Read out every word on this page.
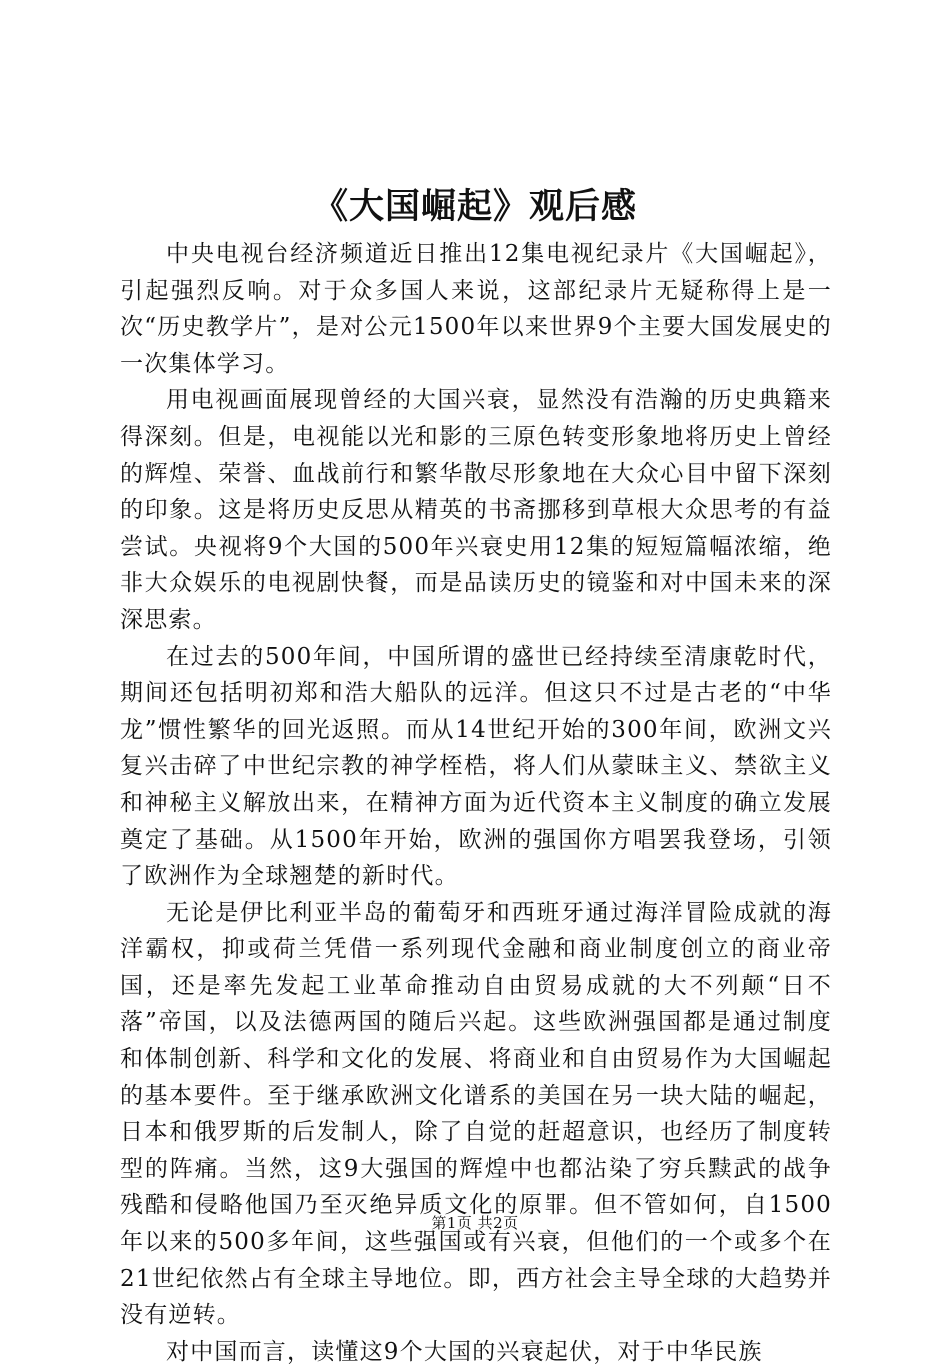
《大国崛起》观后感

中央电视台经济频道近日推出12集电视纪录片《大国崛起》，引起强烈反响。对于众多国人来说，这部纪录片无疑称得上是一次“历史教学片”，是对公元1500年以来世界9个主要大国发展史的一次集体学习。

用电视画面展现曾经的大国兴衰，显然没有浩瀚的历史典籍来得深刻。但是，电视能以光和影的三原色转变形象地将历史上曾经的辉煌、荣誉、血战前行和繁华散尽形象地在大众心目中留下深刻的印象。这是将历史反思从精英的书斋挪移到草根大众思考的有益尝试。央视将9个大国的500年兴衰史用12集的短短篇幅浓缩，绝非大众娱乐的电视剧快餐，而是品读历史的镜鉴和对中国未来的深深思索。

在过去的500年间，中国所谓的盛世已经持续至清康乾时代，期间还包括明初郑和浩大船队的远洋。但这只不过是古老的“中华龙”惯性繁华的回光返照。而从14世纪开始的300年间，欧洲文兴复兴击碎了中世纪宗教的神学桎梏，将人们从蒙昧主义、禁欲主义和神秘主义解放出来，在精神方面为近代资本主义制度的确立发展奠定了基础。从1500年开始，欧洲的强国你方唱罢我登场，引领了欧洲作为全球翘楚的新时代。

无论是伊比利亚半岛的葡萄牙和西班牙通过海洋冒险成就的海洋霸权，抑或荷兰凭借一系列现代金融和商业制度创立的商业帝国，还是率先发起工业革命推动自由贸易成就的大不列颠“日不落”帝国，以及法德两国的随后兴起。这些欧洲强国都是通过制度和体制创新、科学和文化的发展、将商业和自由贸易作为大国崛起的基本要件。至于继承欧洲文化谱系的美国在另一块大陆的崛起，日本和俄罗斯的后发制人，除了自觉的赶超意识，也经历了制度转型的阵痛。当然，这9大强国的辉煌中也都沾染了穷兵黩武的战争残酷和侵略他国乃至灭绝异质文化的原罪。但不管如何，自1500年以来的500多年间，这些强国或有兴衰，但他们的一个或多个在21世纪依然占有全球主导地位。即，西方社会主导全球的大趋势并没有逆转。

对中国而言，读懂这9个大国的兴衰起伏，对于中华民族

第1页 共2页
